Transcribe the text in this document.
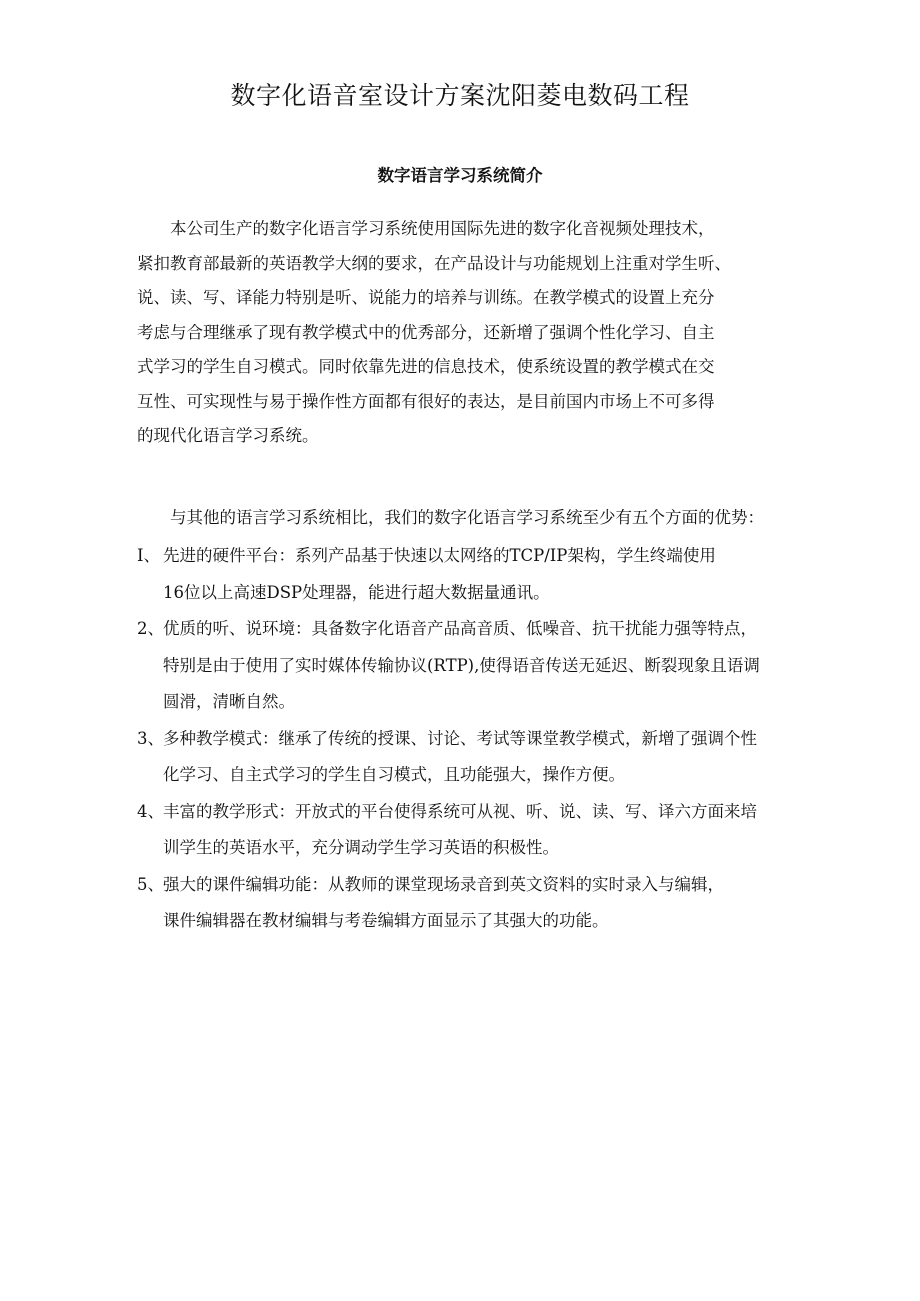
数字化语音室设计方案沈阳菱电数码工程
数字语言学习系统简介

本公司生产的数字化语言学习系统使用国际先进的数字化音视频处理技术，
紧扣教育部最新的英语教学大纲的要求，在产品设计与功能规划上注重对学生听、
说、读、写、译能力特别是听、说能力的培养与训练。在教学模式的设置上充分
考虑与合理继承了现有教学模式中的优秀部分，还新增了强调个性化学习、自主
式学习的学生自习模式。同时依靠先进的信息技术，使系统设置的教学模式在交
互性、可实现性与易于操作性方面都有很好的表达，是目前国内市场上不可多得
的现代化语言学习系统。

与其他的语言学习系统相比，我们的数字化语言学习系统至少有五个方面的优势：

I、 先进的硬件平台：系列产品基于快速以太网络的TCP/IP架构，学生终端使用
16位以上高速DSP处理器，能进行超大数据量通讯。
2、 优质的听、说环境：具备数字化语音产品高音质、低噪音、抗干扰能力强等特点，
特别是由于使用了实时媒体传输协议(RTP),使得语音传送无延迟、断裂现象且语调
圆滑，清晰自然。
3、 多种教学模式：继承了传统的授课、讨论、考试等课堂教学模式，新增了强调个性
化学习、自主式学习的学生自习模式，且功能强大，操作方便。
4、 丰富的教学形式：开放式的平台使得系统可从视、听、说、读、写、译六方面来培
训学生的英语水平，充分调动学生学习英语的积极性。
5、 强大的课件编辑功能：从教师的课堂现场录音到英文资料的实时录入与编辑，
课件编辑器在教材编辑与考卷编辑方面显示了其强大的功能。
